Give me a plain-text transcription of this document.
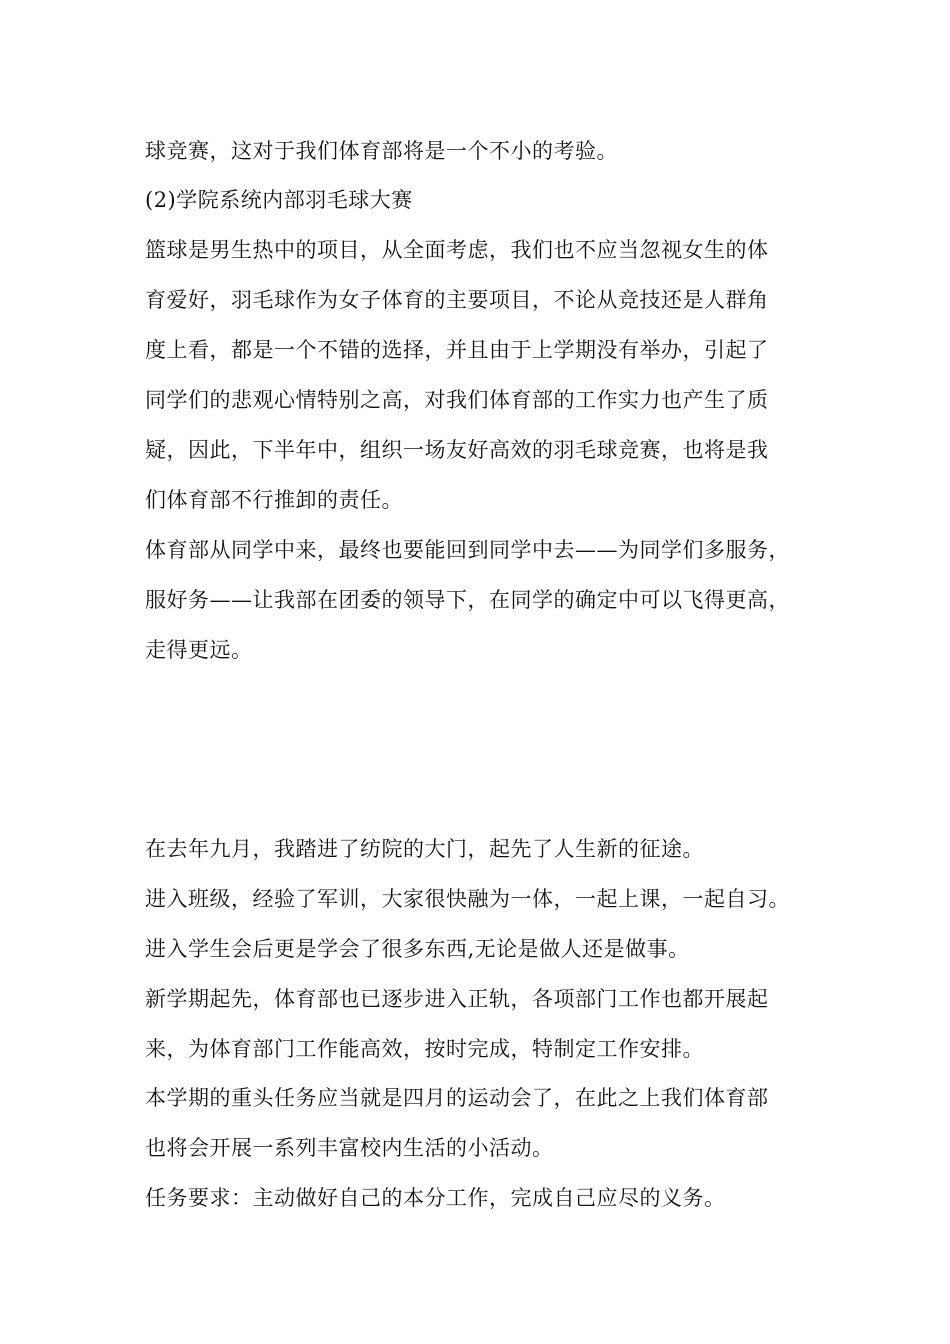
球竞赛，这对于我们体育部将是一个不小的考验。
(2)学院系统内部羽毛球大赛
篮球是男生热中的项目，从全面考虑，我们也不应当忽视女生的体
育爱好，羽毛球作为女子体育的主要项目，不论从竞技还是人群角
度上看，都是一个不错的选择，并且由于上学期没有举办，引起了
同学们的悲观心情特别之高，对我们体育部的工作实力也产生了质
疑，因此，下半年中，组织一场友好高效的羽毛球竞赛，也将是我
们体育部不行推卸的责任。
体育部从同学中来，最终也要能回到同学中去——为同学们多服务，
服好务——让我部在团委的领导下，在同学的确定中可以飞得更高，
走得更远。
在去年九月，我踏进了纺院的大门，起先了人生新的征途。
进入班级，经验了军训，大家很快融为一体，一起上课，一起自习。
进入学生会后更是学会了很多东西,无论是做人还是做事。
新学期起先，体育部也已逐步进入正轨，各项部门工作也都开展起
来，为体育部门工作能高效，按时完成，特制定工作安排。
本学期的重头任务应当就是四月的运动会了，在此之上我们体育部
也将会开展一系列丰富校内生活的小活动。
任务要求：主动做好自己的本分工作，完成自己应尽的义务。
